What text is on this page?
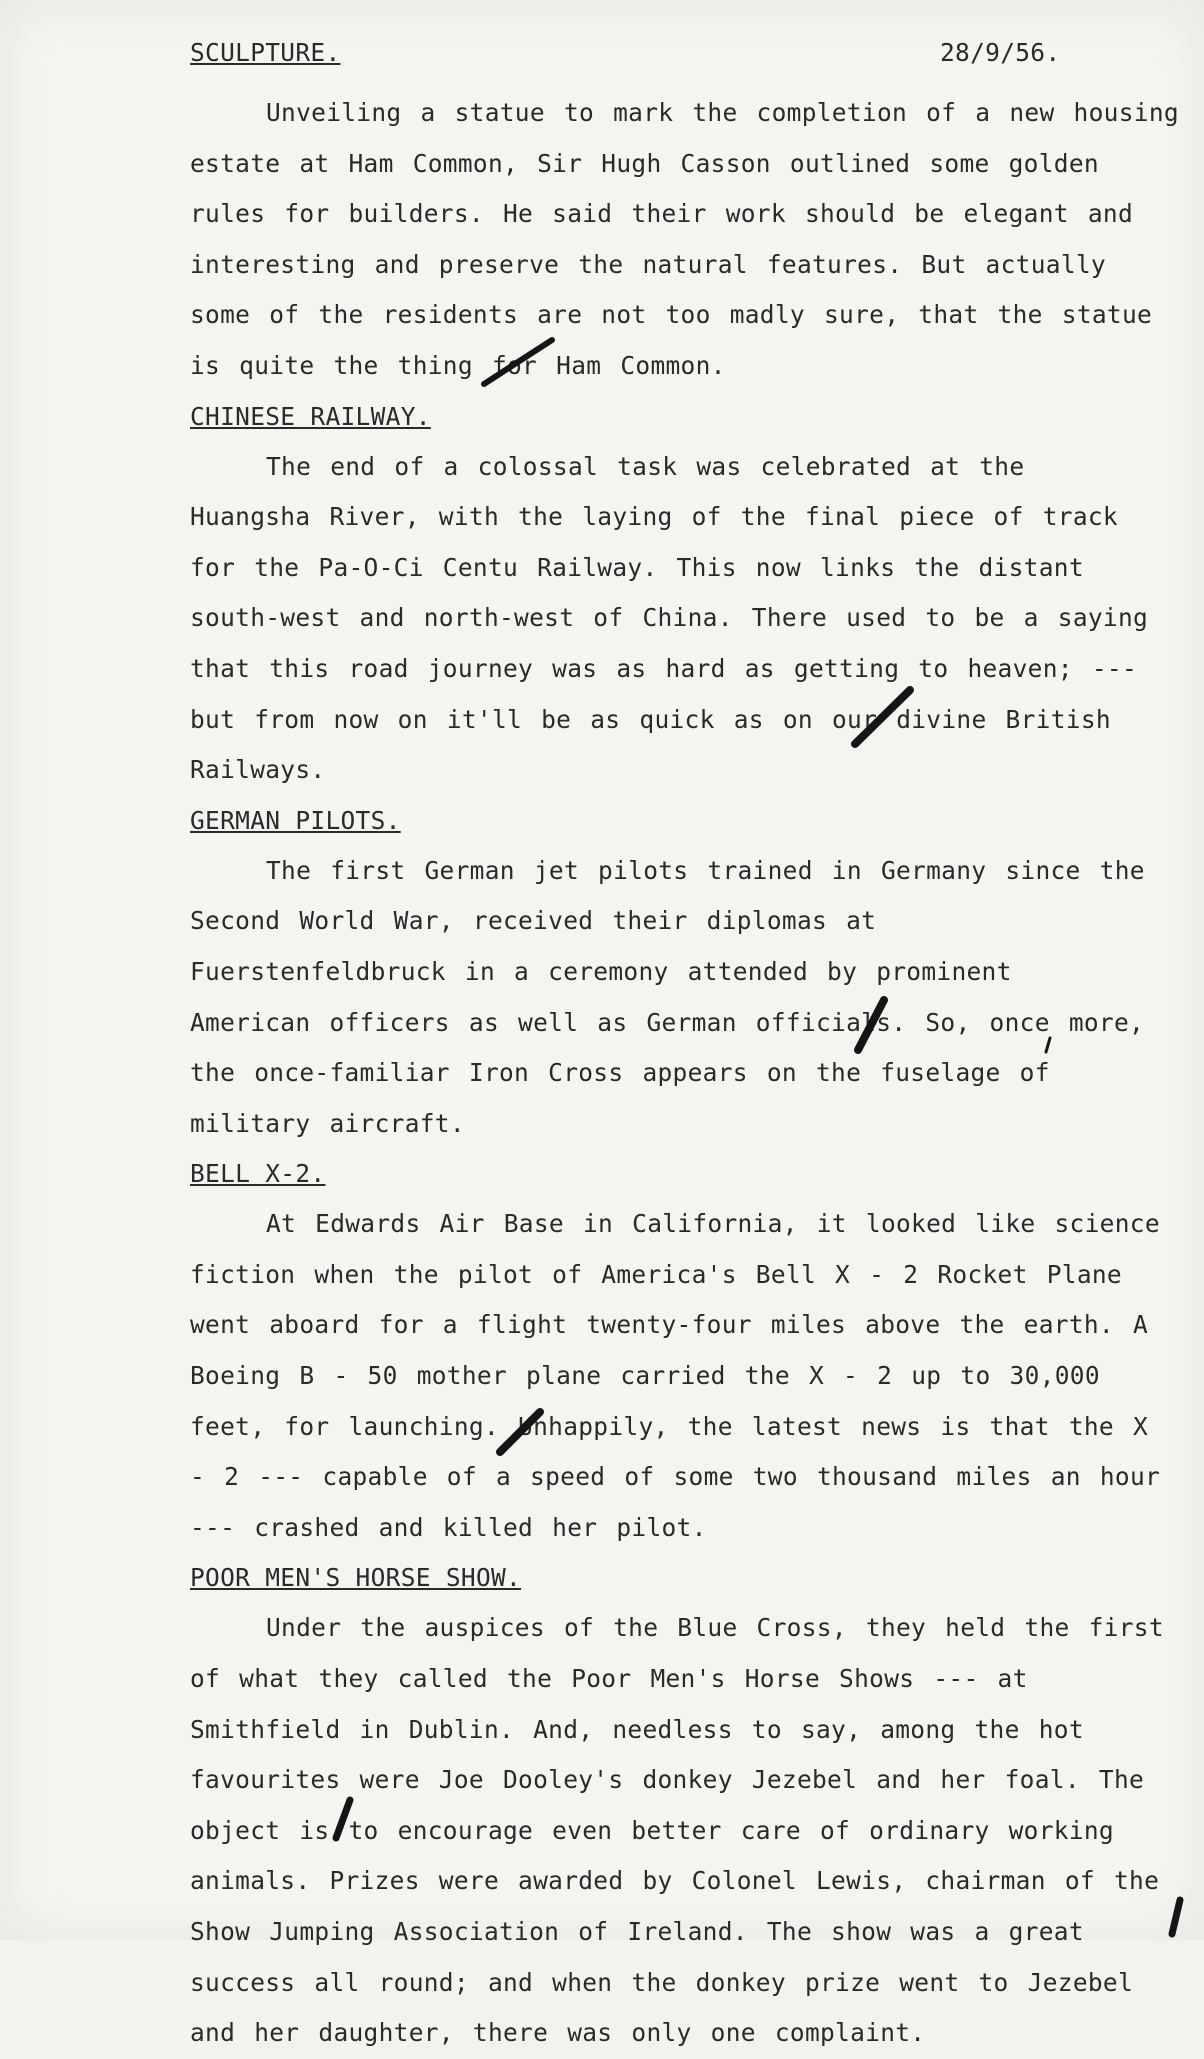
SCULPTURE.	28/9/56.

Unveiling a statue to mark the completion of a new housing estate at Ham Common, Sir Hugh Casson outlined some golden rules for builders. He said their work should be elegant and interesting and preserve the natural features. But actually some of the residents are not too madly sure, that the statue is quite the thing for Ham Common.

CHINESE RAILWAY.

The end of a colossal task was celebrated at the Huangsha River, with the laying of the final piece of track for the Pa-O-Ci Centu Railway. This now links the distant south-west and north-west of China. There used to be a saying that this road journey was as hard as getting to heaven; --- but from now on it'll be as quick as on our divine British Railways.

GERMAN PILOTS.

The first German jet pilots trained in Germany since the Second World War, received their diplomas at Fuerstenfeldbruck in a ceremony attended by prominent American officers as well as German officials. So, once more, the once-familiar Iron Cross appears on the fuselage of military aircraft.

BELL X-2.

At Edwards Air Base in California, it looked like science fiction when the pilot of America's Bell X - 2 Rocket Plane went aboard for a flight twenty-four miles above the earth. A Boeing B - 50 mother plane carried the X - 2 up to 30,000 feet, for launching. Unhappily, the latest news is that the X - 2 --- capable of a speed of some two thousand miles an hour --- crashed and killed her pilot.

POOR MEN'S HORSE SHOW.

Under the auspices of the Blue Cross, they held the first of what they called the Poor Men's Horse Shows --- at Smithfield in Dublin. And, needless to say, among the hot favourites were Joe Dooley's donkey Jezebel and her foal. The object is to encourage even better care of ordinary working animals. Prizes were awarded by Colonel Lewis, chairman of the Show Jumping Association of Ireland. The show was a great success all round; and when the donkey prize went to Jezebel and her daughter, there was only one complaint.
